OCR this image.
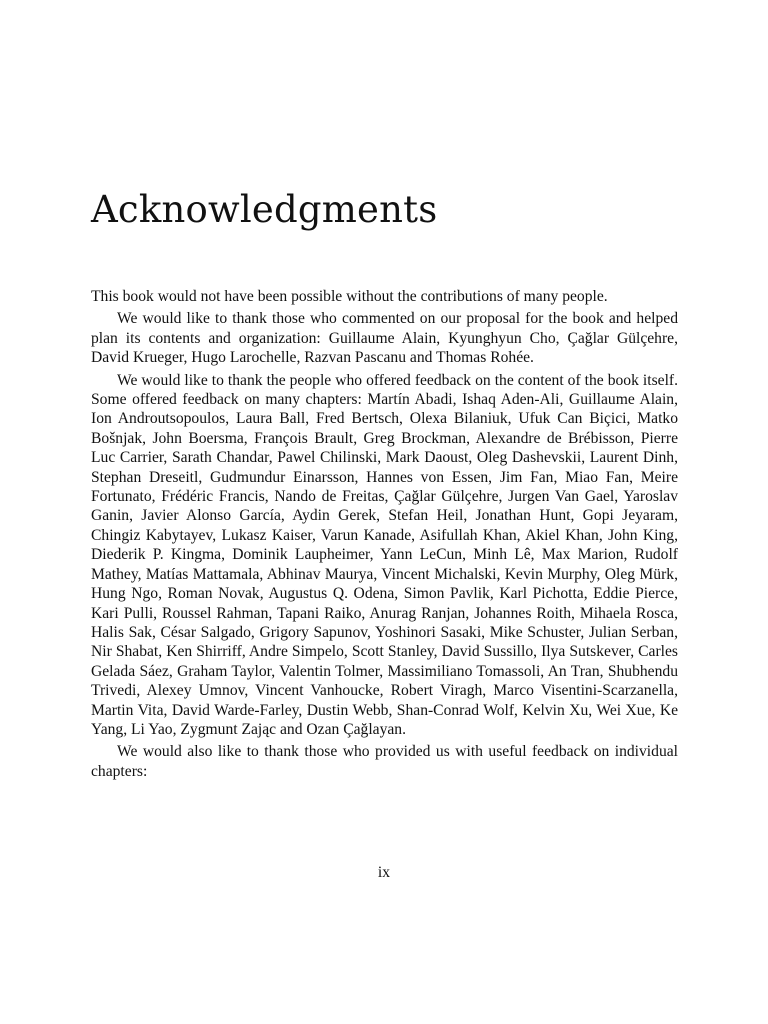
Acknowledgments

This book would not have been possible without the contributions of many people.

We would like to thank those who commented on our proposal for the book and helped plan its contents and organization: Guillaume Alain, Kyunghyun Cho, Çağlar Gülçehre, David Krueger, Hugo Larochelle, Razvan Pascanu and Thomas Rohée.

We would like to thank the people who offered feedback on the content of the book itself. Some offered feedback on many chapters: Martín Abadi, Ishaq Aden-Ali, Guillaume Alain, Ion Androutsopoulos, Laura Ball, Fred Bertsch, Olexa Bilaniuk, Ufuk Can Biçici, Matko Bošnjak, John Boersma, François Brault, Greg Brockman, Alexandre de Brébisson, Pierre Luc Carrier, Sarath Chandar, Pawel Chilinski, Mark Daoust, Oleg Dashevskii, Laurent Dinh, Stephan Dreseitl, Gudmundur Einarsson, Hannes von Essen, Jim Fan, Miao Fan, Meire Fortunato, Frédéric Francis, Nando de Freitas, Çağlar Gülçehre, Jurgen Van Gael, Yaroslav Ganin, Javier Alonso García, Aydin Gerek, Stefan Heil, Jonathan Hunt, Gopi Jeyaram, Chingiz Kabytayev, Lukasz Kaiser, Varun Kanade, Asifullah Khan, Akiel Khan, John King, Diederik P. Kingma, Dominik Laupheimer, Yann LeCun, Minh Lê, Max Marion, Rudolf Mathey, Matías Mattamala, Abhinav Maurya, Vincent Michalski, Kevin Murphy, Oleg Mürk, Hung Ngo, Roman Novak, Augustus Q. Odena, Simon Pavlik, Karl Pichotta, Eddie Pierce, Kari Pulli, Roussel Rahman, Tapani Raiko, Anurag Ranjan, Johannes Roith, Mihaela Rosca, Halis Sak, César Salgado, Grigory Sapunov, Yoshinori Sasaki, Mike Schuster, Julian Serban, Nir Shabat, Ken Shirriff, Andre Simpelo, Scott Stanley, David Sussillo, Ilya Sutskever, Carles Gelada Sáez, Graham Taylor, Valentin Tolmer, Massimiliano Tomassoli, An Tran, Shubhendu Trivedi, Alexey Umnov, Vincent Vanhoucke, Robert Viragh, Marco Visentini-Scarzanella, Martin Vita, David Warde-Farley, Dustin Webb, Shan-Conrad Wolf, Kelvin Xu, Wei Xue, Ke Yang, Li Yao, Zygmunt Zając and Ozan Çağlayan.

We would also like to thank those who provided us with useful feedback on individual chapters:

ix
